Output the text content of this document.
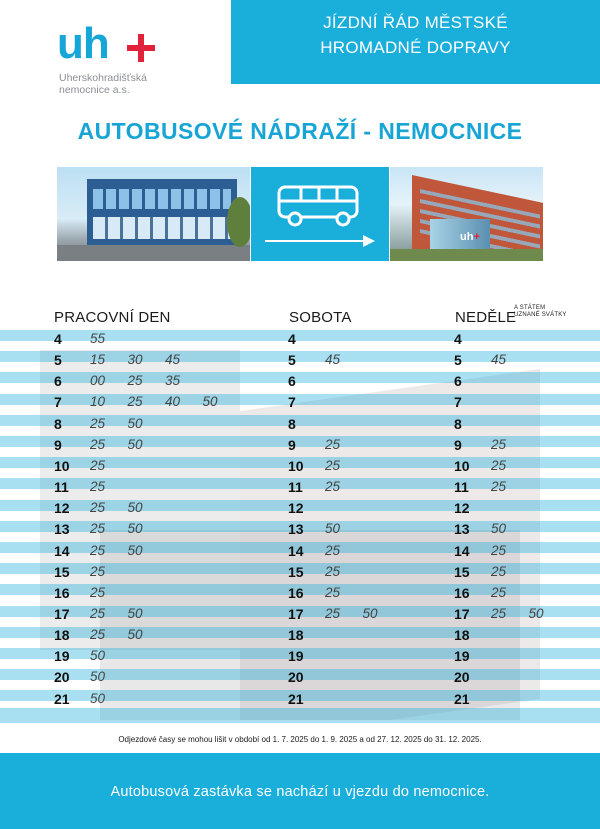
uh
Uherskohradišťská
nemocnice a.s.
JÍZDNÍ ŘÁD MĚSTSKÉ
HROMADNÉ DOPRAVY
AUTOBUSOVÉ NÁDRAŽÍ - NEMOCNICE
uh+
PRACOVNÍ DEN	SOBOTA	NEDĚLE
A STÁTEM
UZNANÉ SVÁTKY
4 55
5 15 30 45
6 00 25 35
7 10 25 40 50
8 25 50
9 25 50
10 25
11 25
12 25 50
13 25 50
14 25 50
15 25
16 25
17 25 50
18 25 50
19 50
20 50
21 50
4
5 45
6
7
8
9 25
10 25
11 25
12
13 50
14 25
15 25
16 25
17 25 50
18
19
20
21
4
5 45
6
7
8
9 25
10 25
11 25
12
13 50
14 25
15 25
16 25
17 25 50
18
19
20
21
Odjezdové časy se mohou lišit v období od 1. 7. 2025 do 1. 9. 2025 a od 27. 12. 2025 do 31. 12. 2025.
Autobusová zastávka se nachází u vjezdu do nemocnice.
